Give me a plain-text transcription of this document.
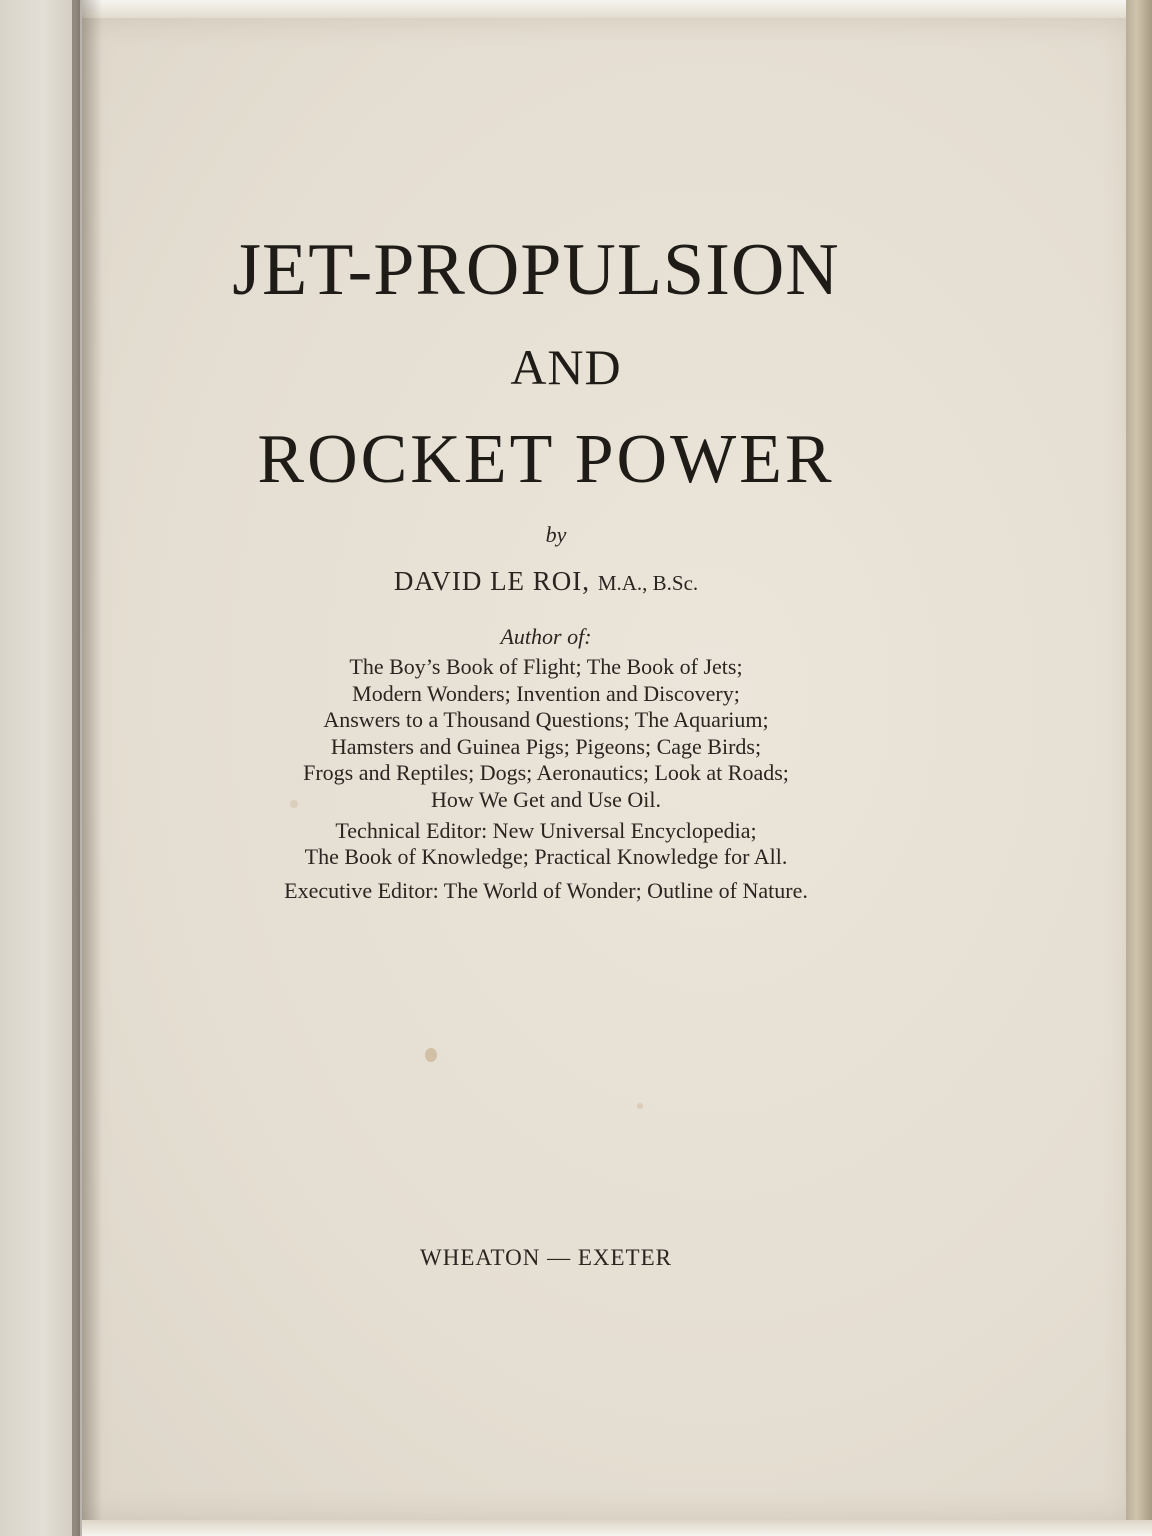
JET-PROPULSION
AND
ROCKET POWER
by
DAVID LE ROI, M.A., B.Sc.
Author of:
The Boy’s Book of Flight; The Book of Jets;
Modern Wonders; Invention and Discovery;
Answers to a Thousand Questions; The Aquarium;
Hamsters and Guinea Pigs; Pigeons; Cage Birds;
Frogs and Reptiles; Dogs; Aeronautics; Look at Roads;
How We Get and Use Oil.
Technical Editor: New Universal Encyclopedia;
The Book of Knowledge; Practical Knowledge for All.
Executive Editor: The World of Wonder; Outline of Nature.
WHEATON — EXETER
